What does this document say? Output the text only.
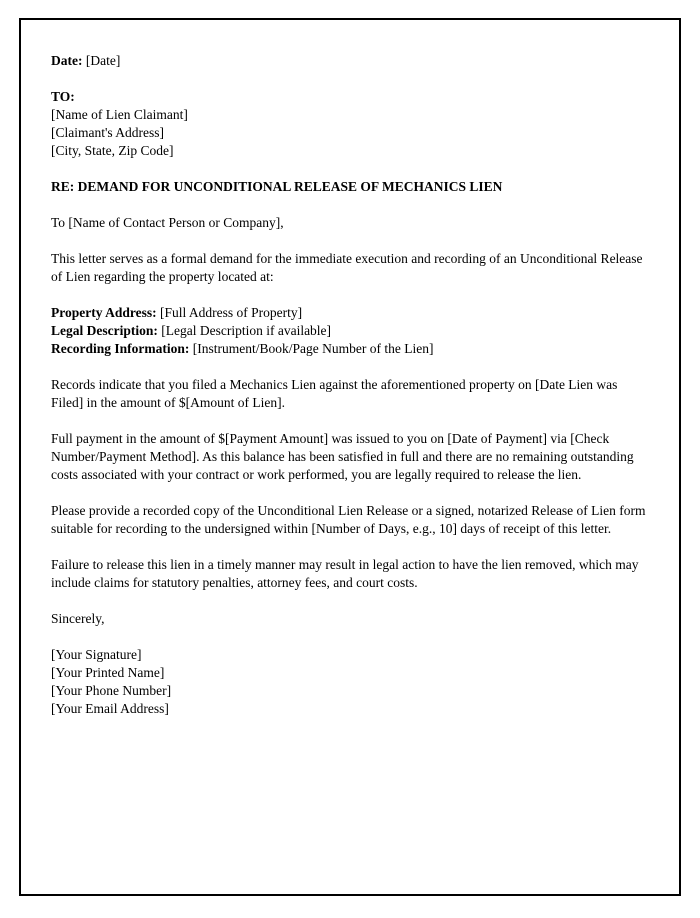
Date: [Date]
TO:
[Name of Lien Claimant]
[Claimant's Address]
[City, State, Zip Code]
RE: DEMAND FOR UNCONDITIONAL RELEASE OF MECHANICS LIEN
To [Name of Contact Person or Company],
This letter serves as a formal demand for the immediate execution and recording of an Unconditional Release of Lien regarding the property located at:
Property Address: [Full Address of Property]
Legal Description: [Legal Description if available]
Recording Information: [Instrument/Book/Page Number of the Lien]
Records indicate that you filed a Mechanics Lien against the aforementioned property on [Date Lien was Filed] in the amount of $[Amount of Lien].
Full payment in the amount of $[Payment Amount] was issued to you on [Date of Payment] via [Check Number/Payment Method]. As this balance has been satisfied in full and there are no remaining outstanding costs associated with your contract or work performed, you are legally required to release the lien.
Please provide a recorded copy of the Unconditional Lien Release or a signed, notarized Release of Lien form suitable for recording to the undersigned within [Number of Days, e.g., 10] days of receipt of this letter.
Failure to release this lien in a timely manner may result in legal action to have the lien removed, which may include claims for statutory penalties, attorney fees, and court costs.
Sincerely,
[Your Signature]
[Your Printed Name]
[Your Phone Number]
[Your Email Address]
